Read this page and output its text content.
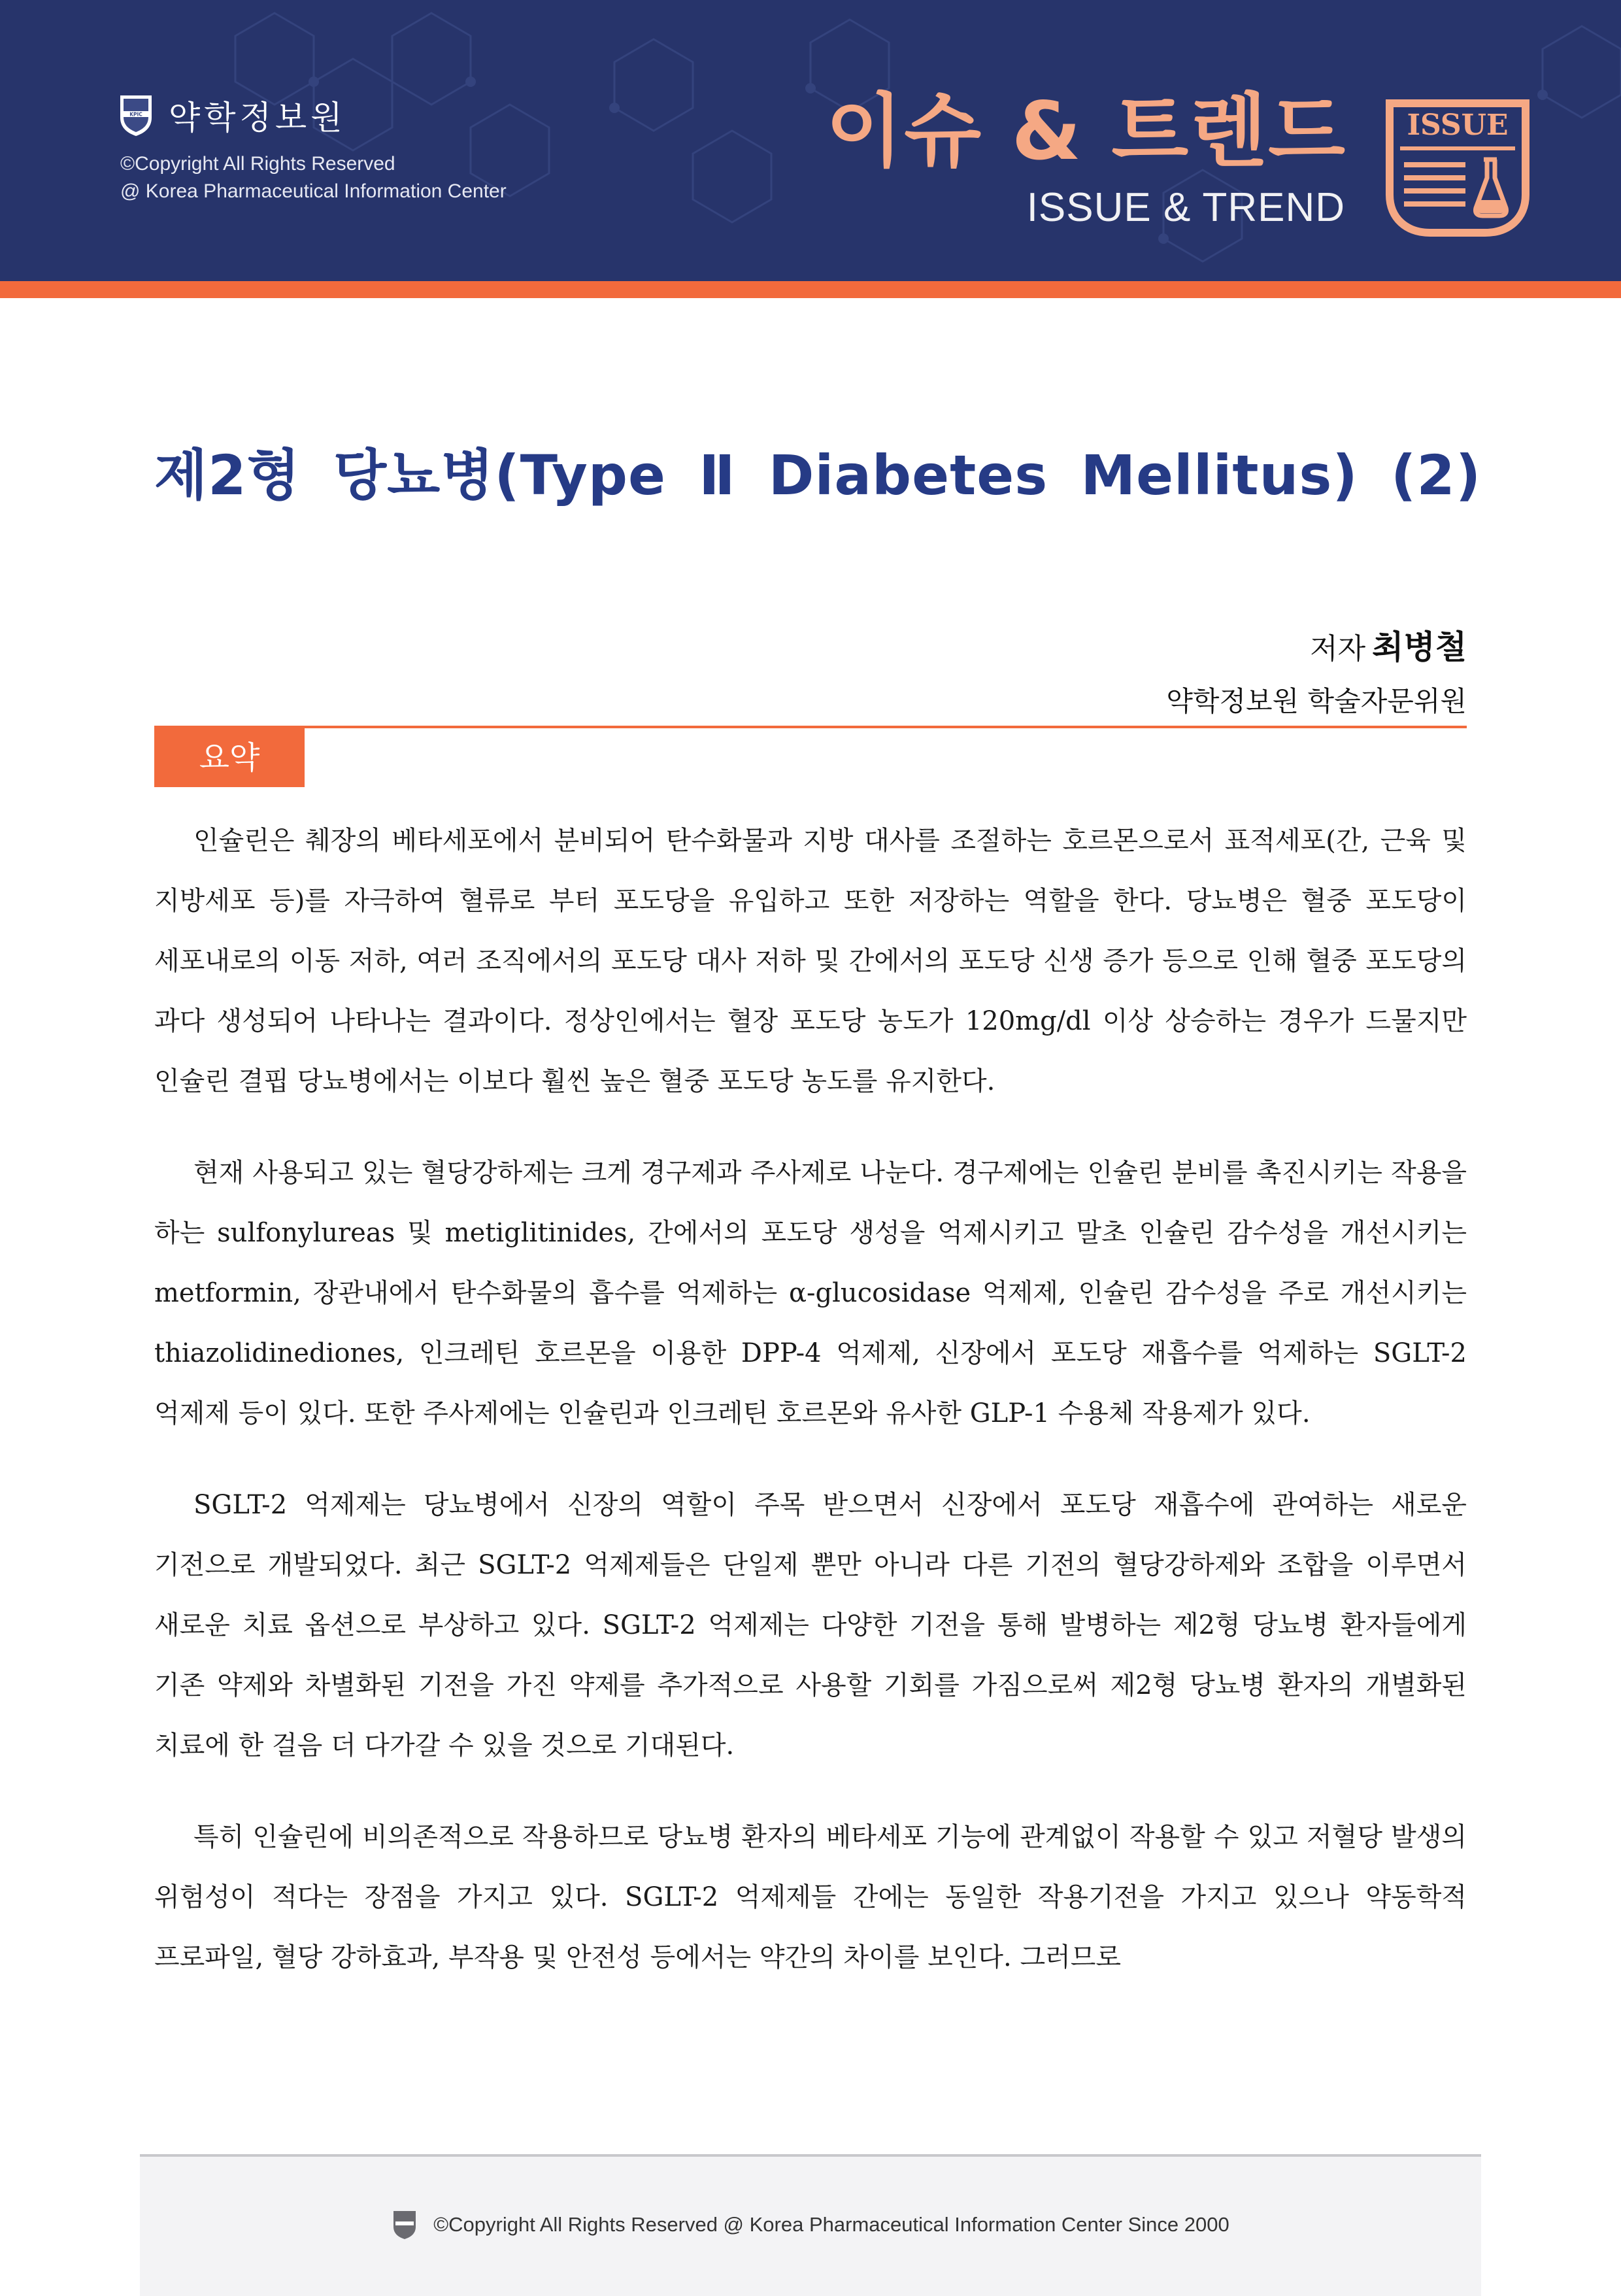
KPIC 약학정보원
©Copyright All Rights Reserved
@ Korea Pharmaceutical Information Center
이슈 & 트렌드
ISSUE & TREND
ISSUE
제2형 당뇨병(Type Ⅱ Diabetes Mellitus) (2)
저자 최병철
약학정보원 학술자문위원
요약

인슐린은 췌장의 베타세포에서 분비되어 탄수화물과 지방 대사를 조절하는 호르몬으로서 표적세포(간, 근육 및 지방세포 등)를 자극하여 혈류로 부터 포도당을 유입하고 또한 저장하는 역할을 한다. 당뇨병은 혈중 포도당이 세포내로의 이동 저하, 여러 조직에서의 포도당 대사 저하 및 간에서의 포도당 신생 증가 등으로 인해 혈중 포도당의 과다 생성되어 나타나는 결과이다. 정상인에서는 혈장 포도당 농도가 120mg/dl 이상 상승하는 경우가 드물지만 인슐린 결핍 당뇨병에서는 이보다 훨씬 높은 혈중 포도당 농도를 유지한다.

현재 사용되고 있는 혈당강하제는 크게 경구제과 주사제로 나눈다. 경구제에는 인슐린 분비를 촉진시키는 작용을 하는 sulfonylureas 및 metiglitinides, 간에서의 포도당 생성을 억제시키고 말초 인슐린 감수성을 개선시키는 metformin, 장관내에서 탄수화물의 흡수를 억제하는 α-glucosidase 억제제, 인슐린 감수성을 주로 개선시키는 thiazolidinediones, 인크레틴 호르몬을 이용한 DPP-4 억제제, 신장에서 포도당 재흡수를 억제하는 SGLT-2 억제제 등이 있다. 또한 주사제에는 인슐린과 인크레틴 호르몬와 유사한 GLP-1 수용체 작용제가 있다.

SGLT-2 억제제는 당뇨병에서 신장의 역할이 주목 받으면서 신장에서 포도당 재흡수에 관여하는 새로운 기전으로 개발되었다. 최근 SGLT-2 억제제들은 단일제 뿐만 아니라 다른 기전의 혈당강하제와 조합을 이루면서 새로운 치료 옵션으로 부상하고 있다. SGLT-2 억제제는 다양한 기전을 통해 발병하는 제2형 당뇨병 환자들에게 기존 약제와 차별화된 기전을 가진 약제를 추가적으로 사용할 기회를 가짐으로써 제2형 당뇨병 환자의 개별화된 치료에 한 걸음 더 다가갈 수 있을 것으로 기대된다.

특히 인슐린에 비의존적으로 작용하므로 당뇨병 환자의 베타세포 기능에 관계없이 작용할 수 있고 저혈당 발생의 위험성이 적다는 장점을 가지고 있다. SGLT-2 억제제들 간에는 동일한 작용기전을 가지고 있으나 약동학적 프로파일, 혈당 강하효과, 부작용 및 안전성 등에서는 약간의 차이를 보인다. 그러므로

©Copyright All Rights Reserved @ Korea Pharmaceutical Information Center Since 2000
